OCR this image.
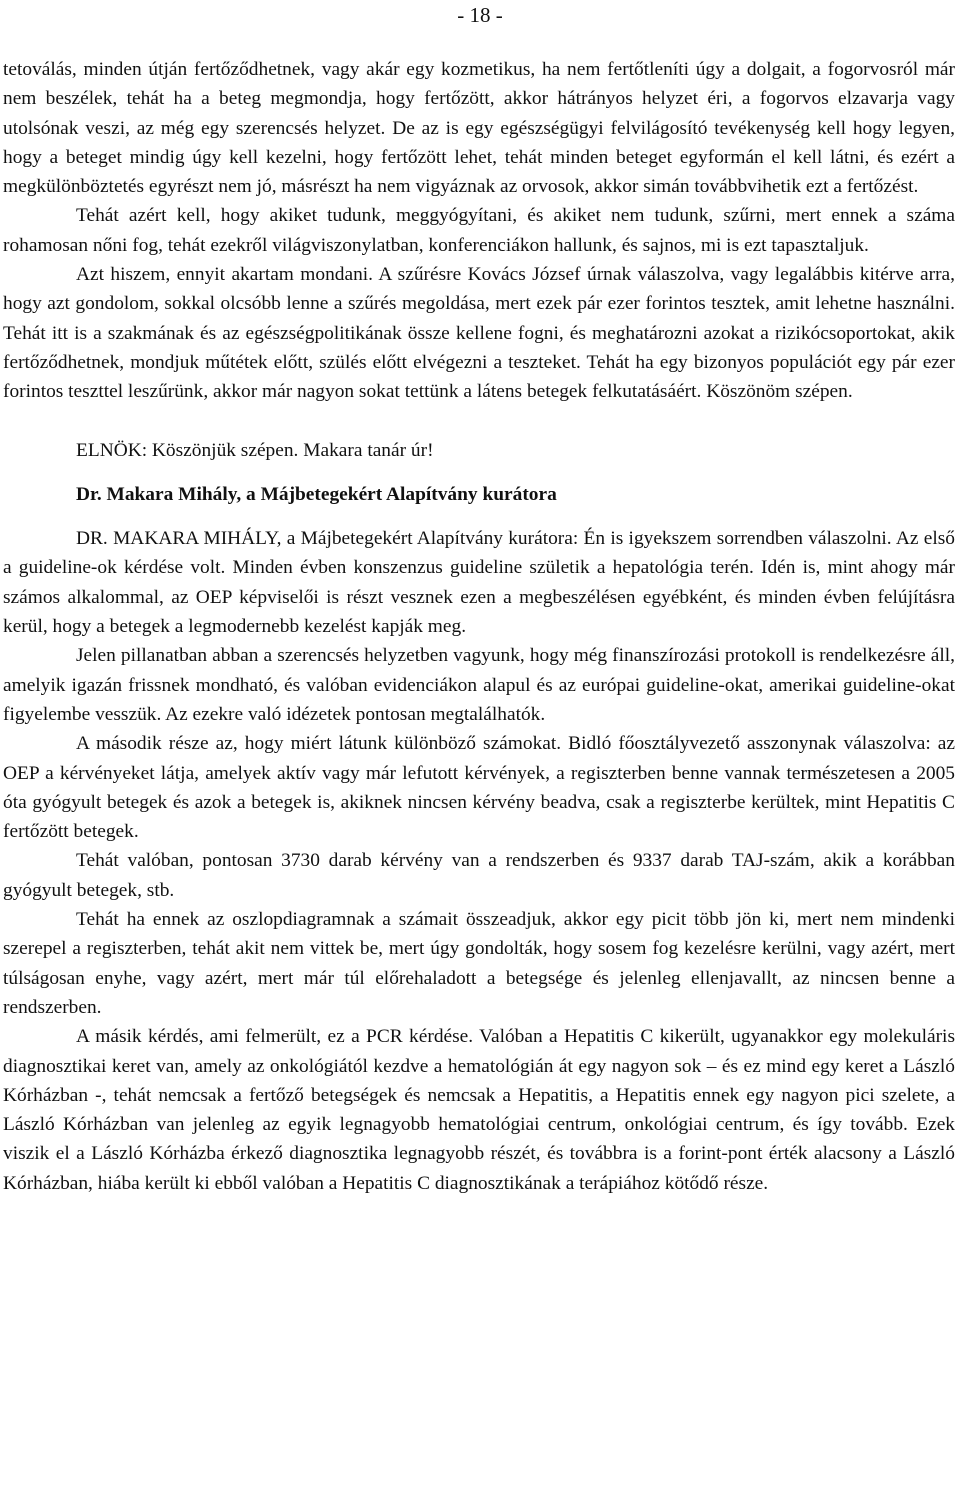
- 18 -

tetoválás, minden útján fertőződhetnek, vagy akár egy kozmetikus, ha nem fertőtleníti úgy a dolgait, a fogorvosról már nem beszélek, tehát ha a beteg megmondja, hogy fertőzött, akkor hátrányos helyzet éri, a fogorvos elzavarja vagy utolsónak veszi, az még egy szerencsés helyzet. De az is egy egészségügyi felvilágosító tevékenység kell hogy legyen, hogy a beteget mindig úgy kell kezelni, hogy fertőzött lehet, tehát minden beteget egyformán el kell látni, és ezért a megkülönböztetés egyrészt nem jó, másrészt ha nem vigyáznak az orvosok, akkor simán továbbvihetik ezt a fertőzést.

Tehát azért kell, hogy akiket tudunk, meggyógyítani, és akiket nem tudunk, szűrni, mert ennek a száma rohamosan nőni fog, tehát ezekről világviszonylatban, konferenciákon hallunk, és sajnos, mi is ezt tapasztaljuk.

Azt hiszem, ennyit akartam mondani. A szűrésre Kovács József úrnak válaszolva, vagy legalábbis kitérve arra, hogy azt gondolom, sokkal olcsóbb lenne a szűrés megoldása, mert ezek pár ezer forintos tesztek, amit lehetne használni. Tehát itt is a szakmának és az egészségpolitikának össze kellene fogni, és meghatározni azokat a rizikócsoportokat, akik fertőződhetnek, mondjuk műtétek előtt, szülés előtt elvégezni a teszteket. Tehát ha egy bizonyos populációt egy pár ezer forintos teszttel leszűrünk, akkor már nagyon sokat tettünk a látens betegek felkutatásáért. Köszönöm szépen.

ELNÖK: Köszönjük szépen. Makara tanár úr!

Dr. Makara Mihály, a Májbetegekért Alapítvány kurátora

DR. MAKARA MIHÁLY, a Májbetegekért Alapítvány kurátora: Én is igyekszem sorrendben válaszolni. Az első a guideline-ok kérdése volt. Minden évben konszenzus guideline születik a hepatológia terén. Idén is, mint ahogy már számos alkalommal, az OEP képviselői is részt vesznek ezen a megbeszélésen egyébként, és minden évben felújításra kerül, hogy a betegek a legmodernebb kezelést kapják meg.

Jelen pillanatban abban a szerencsés helyzetben vagyunk, hogy még finanszírozási protokoll is rendelkezésre áll, amelyik igazán frissnek mondható, és valóban evidenciákon alapul és az európai guideline-okat, amerikai guideline-okat figyelembe vesszük. Az ezekre való idézetek pontosan megtalálhatók.

A második része az, hogy miért látunk különböző számokat. Bidló főosztályvezető asszonynak válaszolva: az OEP a kérvényeket látja, amelyek aktív vagy már lefutott kérvények, a regiszterben benne vannak természetesen a 2005 óta gyógyult betegek és azok a betegek is, akiknek nincsen kérvény beadva, csak a regiszterbe kerültek, mint Hepatitis C fertőzött betegek.

Tehát valóban, pontosan 3730 darab kérvény van a rendszerben és 9337 darab TAJ-szám, akik a korábban gyógyult betegek, stb.

Tehát ha ennek az oszlopdiagramnak a számait összeadjuk, akkor egy picit több jön ki, mert nem mindenki szerepel a regiszterben, tehát akit nem vittek be, mert úgy gondolták, hogy sosem fog kezelésre kerülni, vagy azért, mert túlságosan enyhe, vagy azért, mert már túl előrehaladott a betegsége és jelenleg ellenjavallt, az nincsen benne a rendszerben.

A másik kérdés, ami felmerült, ez a PCR kérdése. Valóban a Hepatitis C kikerült, ugyanakkor egy molekuláris diagnosztikai keret van, amely az onkológiától kezdve a hematológián át egy nagyon sok – és ez mind egy keret a László Kórházban -, tehát nemcsak a fertőző betegségek és nemcsak a Hepatitis, a Hepatitis ennek egy nagyon pici szelete, a László Kórházban van jelenleg az egyik legnagyobb hematológiai centrum, onkológiai centrum, és így tovább. Ezek viszik el a László Kórházba érkező diagnosztika legnagyobb részét, és továbbra is a forint-pont érték alacsony a László Kórházban, hiába került ki ebből valóban a Hepatitis C diagnosztikának a terápiához kötődő része.
